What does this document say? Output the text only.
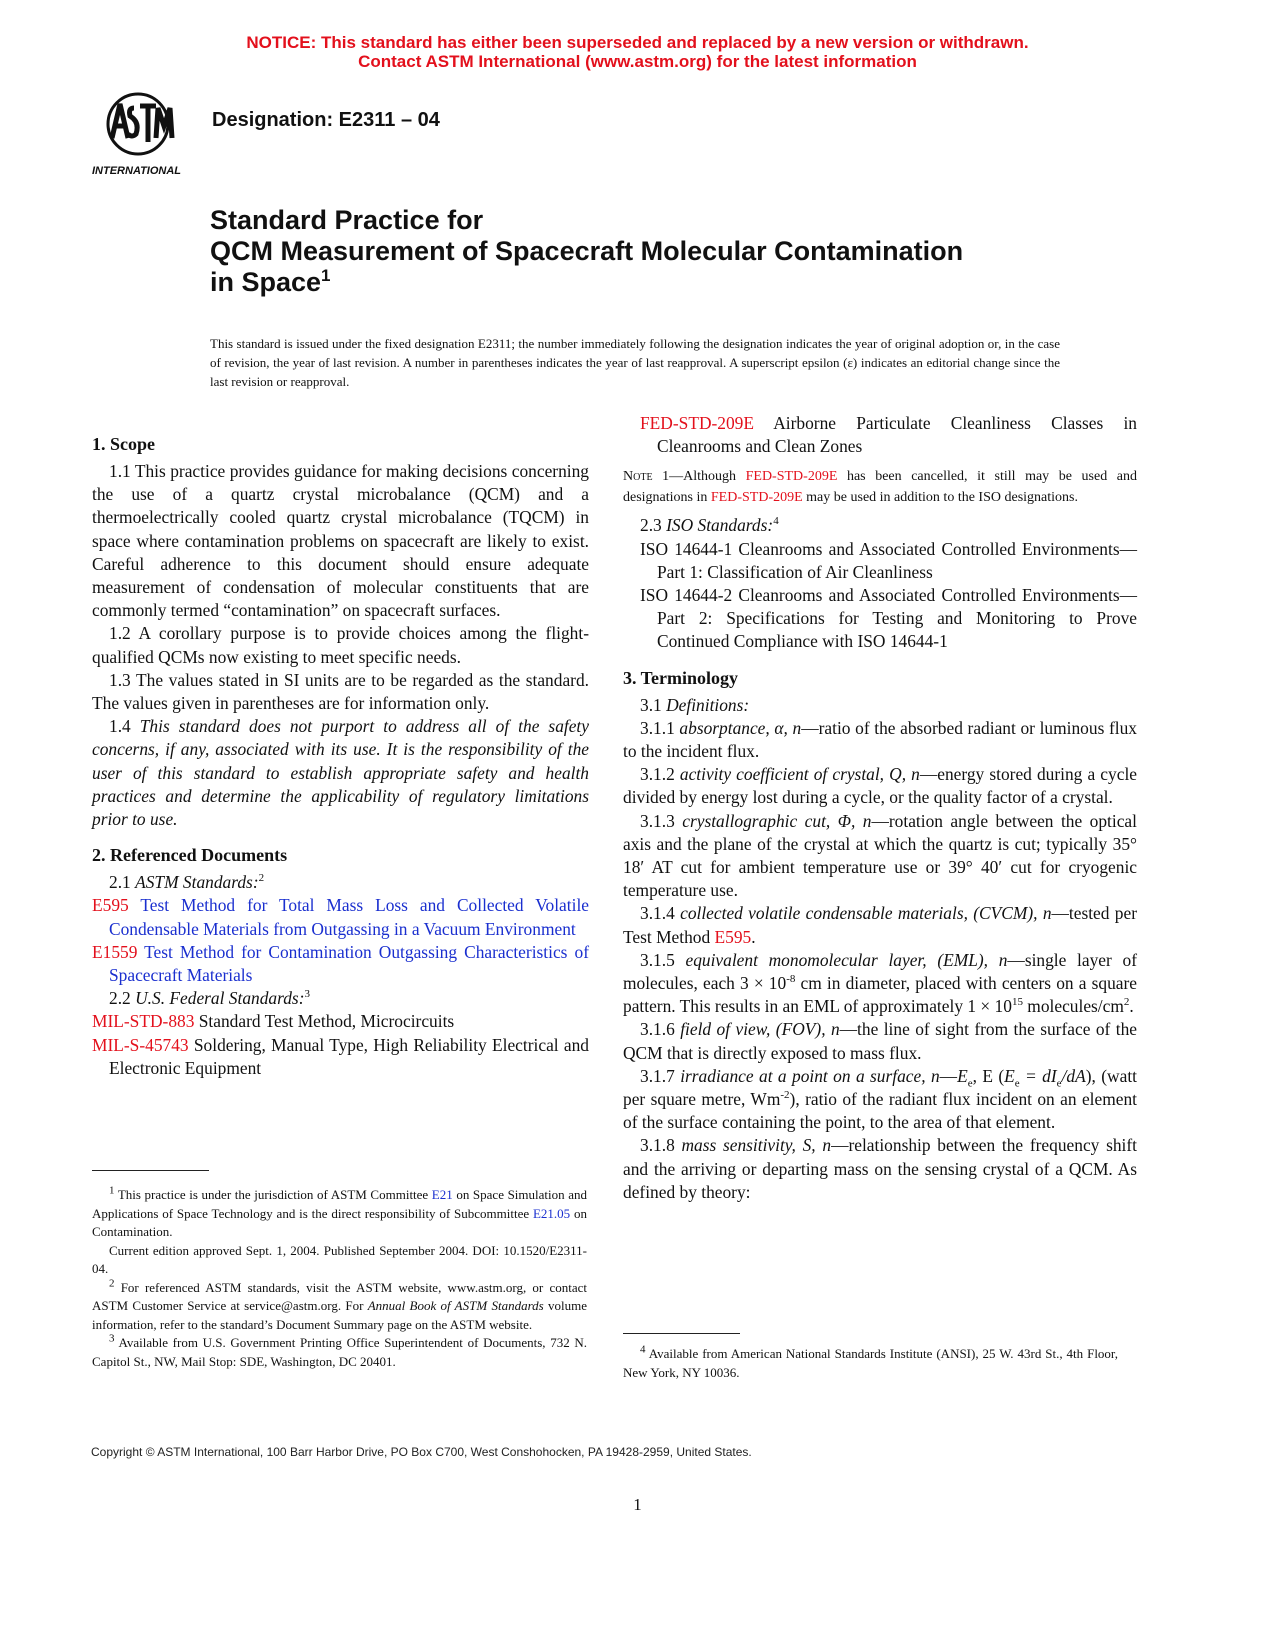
NOTICE: This standard has either been superseded and replaced by a new version or withdrawn.
Contact ASTM International (www.astm.org) for the latest information
INTERNATIONAL
Designation: E2311 – 04
Standard Practice for
QCM Measurement of Spacecraft Molecular Contamination
in Space$^1$
This standard is issued under the fixed designation E2311; the number immediately following the designation indicates the year of original adoption or, in the case of revision, the year of last revision. A number in parentheses indicates the year of last reapproval. A superscript epsilon (ε) indicates an editorial change since the last revision or reapproval.
1. Scope

1.1 This practice provides guidance for making decisions concerning the use of a quartz crystal microbalance (QCM) and a thermoelectrically cooled quartz crystal microbalance (TQCM) in space where contamination problems on spacecraft are likely to exist. Careful adherence to this document should ensure adequate measurement of condensation of molecular constituents that are commonly termed “contamination” on spacecraft surfaces.

1.2 A corollary purpose is to provide choices among the flight-qualified QCMs now existing to meet specific needs.

1.3 The values stated in SI units are to be regarded as the standard. The values given in parentheses are for information only.

1.4 This standard does not purport to address all of the safety concerns, if any, associated with its use. It is the responsibility of the user of this standard to establish appropriate safety and health practices and determine the applicability of regulatory limitations prior to use.

2. Referenced Documents

2.1 ASTM Standards:$^2$

E595 Test Method for Total Mass Loss and Collected Volatile Condensable Materials from Outgassing in a Vacuum Environment

E1559 Test Method for Contamination Outgassing Characteristics of Spacecraft Materials

2.2 U.S. Federal Standards:$^3$

MIL-STD-883 Standard Test Method, Microcircuits

MIL-S-45743 Soldering, Manual Type, High Reliability Electrical and Electronic Equipment

FED-STD-209E Airborne Particulate Cleanliness Classes in Cleanrooms and Clean Zones

Note 1—Although FED-STD-209E has been cancelled, it still may be used and designations in FED-STD-209E may be used in addition to the ISO designations.

2.3 ISO Standards:$^4$

ISO 14644-1 Cleanrooms and Associated Controlled Environments—Part 1: Classification of Air Cleanliness

ISO 14644-2 Cleanrooms and Associated Controlled Environments—Part 2: Specifications for Testing and Monitoring to Prove Continued Compliance with ISO 14644-1

3. Terminology

3.1 Definitions:

3.1.1 absorptance, α, n—ratio of the absorbed radiant or luminous flux to the incident flux.

3.1.2 activity coefficient of crystal, Q, n—energy stored during a cycle divided by energy lost during a cycle, or the quality factor of a crystal.

3.1.3 crystallographic cut, Φ, n—rotation angle between the optical axis and the plane of the crystal at which the quartz is cut; typically 35° 18′ AT cut for ambient temperature use or 39° 40′ cut for cryogenic temperature use.

3.1.4 collected volatile condensable materials, (CVCM), n—tested per Test Method E595.

3.1.5 equivalent monomolecular layer, (EML), n—single layer of molecules, each $3 \times 10^{-8}$ cm in diameter, placed with centers on a square pattern. This results in an EML of approximately $1 \times 10^{15}$ molecules/$cm^2$.

3.1.6 field of view, (FOV), n—the line of sight from the surface of the QCM that is directly exposed to mass flux.

3.1.7 irradiance at a point on a surface, $n—E_e$, E $(E_e = dI_e/dA)$, (watt per square metre, $Wm^{-2}$), ratio of the radiant flux incident on an element of the surface containing the point, to the area of that element.

3.1.8 mass sensitivity, S, n—relationship between the frequency shift and the arriving or departing mass on the sensing crystal of a QCM. As defined by theory:

$^1$ This practice is under the jurisdiction of ASTM Committee E21 on Space Simulation and Applications of Space Technology and is the direct responsibility of Subcommittee E21.05 on Contamination.

Current edition approved Sept. 1, 2004. Published September 2004. DOI: 10.1520/E2311-04.

$^2$ For referenced ASTM standards, visit the ASTM website, www.astm.org, or contact ASTM Customer Service at service@astm.org. For Annual Book of ASTM Standards volume information, refer to the standard’s Document Summary page on the ASTM website.

$^3$ Available from U.S. Government Printing Office Superintendent of Documents, 732 N. Capitol St., NW, Mail Stop: SDE, Washington, DC 20401.

$^4$ Available from American National Standards Institute (ANSI), 25 W. 43rd St., 4th Floor, New York, NY 10036.

Copyright © ASTM International, 100 Barr Harbor Drive, PO Box C700, West Conshohocken, PA 19428-2959, United States.
1
